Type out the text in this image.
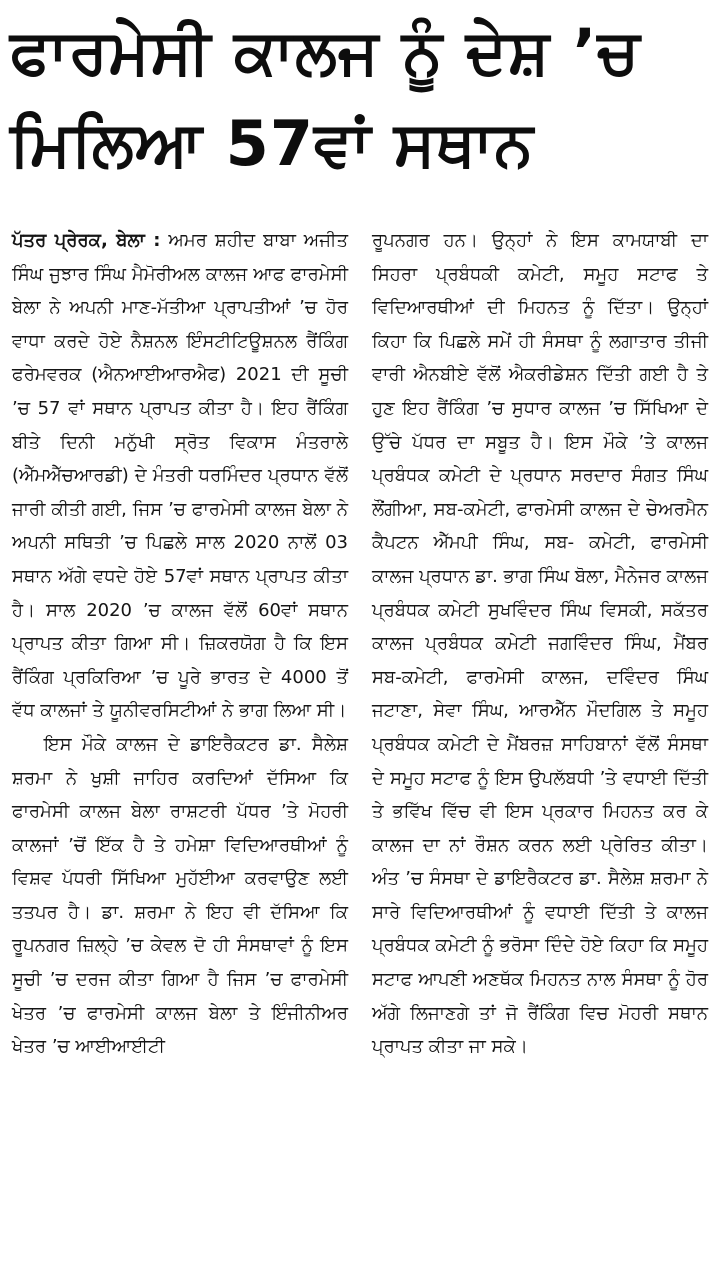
ਫਾਰਮੇਸੀ ਕਾਲਜ ਨੂੰ ਦੇਸ਼ ’ਚ
ਮਿਲਿਆ 57ਵਾਂ ਸਥਾਨ

ਪੱਤਰ ਪ੍ਰੇਰਕ, ਬੇਲਾ : ਅਮਰ ਸ਼ਹੀਦ ਬਾਬਾ ਅਜੀਤ ਸਿੰਘ ਜੁਝਾਰ ਸਿੰਘ ਮੈਮੋਰੀਅਲ ਕਾਲਜ ਆਫ ਫਾਰਮੇਸੀ ਬੇਲਾ ਨੇ ਅਪਨੀ ਮਾਣ-ਮੱਤੀਆ ਪ੍ਰਾਪਤੀਆਂ ’ਚ ਹੋਰ ਵਾਧਾ ਕਰਦੇ ਹੋਏ ਨੈਸ਼ਨਲ ਇੰਸਟੀਟਿਊਸ਼ਨਲ ਰੈਂਕਿੰਗ ਫਰੇਮਵਰਕ (ਐਨਆਈਆਰਐਫ) 2021 ਦੀ ਸੂਚੀ ’ਚ 57 ਵਾਂ ਸਥਾਨ ਪ੍ਰਾਪਤ ਕੀਤਾ ਹੈ। ਇਹ ਰੈਂਕਿੰਗ ਬੀਤੇ ਦਿਨੀ ਮਨੁੱਖੀ ਸ੍ਰੋਤ ਵਿਕਾਸ ਮੰਤਰਾਲੇ (ਐੱਮਐੱਚਆਰਡੀ) ਦੇ ਮੰਤਰੀ ਧਰਮਿੰਦਰ ਪ੍ਰਧਾਨ ਵੱਲੋਂ ਜਾਰੀ ਕੀਤੀ ਗਈ, ਜਿਸ ’ਚ ਫਾਰਮੇਸੀ ਕਾਲਜ ਬੇਲਾ ਨੇ ਅਪਨੀ ਸਥਿਤੀ ’ਚ ਪਿਛਲੇ ਸਾਲ 2020 ਨਾਲੋਂ 03 ਸਥਾਨ ਅੱਗੇ ਵਧਦੇ ਹੋਏ 57ਵਾਂ ਸਥਾਨ ਪ੍ਰਾਪਤ ਕੀਤਾ ਹੈ। ਸਾਲ 2020 ’ਚ ਕਾਲਜ ਵੱਲੋਂ 60ਵਾਂ ਸਥਾਨ ਪ੍ਰਾਪਤ ਕੀਤਾ ਗਿਆ ਸੀ। ਜ਼ਿਕਰਯੋਗ ਹੈ ਕਿ ਇਸ ਰੈਂਕਿੰਗ ਪ੍ਰਕਿਰਿਆ ’ਚ ਪੂਰੇ ਭਾਰਤ ਦੇ 4000 ਤੋਂ ਵੱਧ ਕਾਲਜਾਂ ਤੇ ਯੂਨੀਵਰਸਿਟੀਆਂ ਨੇ ਭਾਗ ਲਿਆ ਸੀ।

ਇਸ ਮੌਕੇ ਕਾਲਜ ਦੇ ਡਾਇਰੈਕਟਰ ਡਾ. ਸੈਲੇਸ਼ ਸ਼ਰਮਾ ਨੇ ਖੁਸ਼ੀ ਜਾਹਿਰ ਕਰਦਿਆਂ ਦੱਸਿਆ ਕਿ ਫਾਰਮੇਸੀ ਕਾਲਜ ਬੇਲਾ ਰਾਸ਼ਟਰੀ ਪੱਧਰ ’ਤੇ ਮੋਹਰੀ ਕਾਲਜਾਂ ’ਚੋਂ ਇੱਕ ਹੈ ਤੇ ਹਮੇਸ਼ਾ ਵਿਦਿਆਰਥੀਆਂ ਨੂੰ ਵਿਸ਼ਵ ਪੱਧਰੀ ਸਿੱਖਿਆ ਮੁਹੱਈਆ ਕਰਵਾਉਣ ਲਈ ਤਤਪਰ ਹੈ। ਡਾ. ਸ਼ਰਮਾ ਨੇ ਇਹ ਵੀ ਦੱਸਿਆ ਕਿ ਰੂਪਨਗਰ ਜ਼ਿਲ੍ਹੇ ’ਚ ਕੇਵਲ ਦੋ ਹੀ ਸੰਸਥਾਵਾਂ ਨੂੰ ਇਸ ਸੂਚੀ ’ਚ ਦਰਜ ਕੀਤਾ ਗਿਆ ਹੈ ਜਿਸ ’ਚ ਫਾਰਮੇਸੀ ਖੇਤਰ ’ਚ ਫਾਰਮੇਸੀ ਕਾਲਜ ਬੇਲਾ ਤੇ ਇੰਜੀਨੀਅਰ ਖੇਤਰ ’ਚ ਆਈਆਈਟੀ

ਰੂਪਨਗਰ ਹਨ। ਉਨ੍ਹਾਂ ਨੇ ਇਸ ਕਾਮਯਾਬੀ ਦਾ ਸਿਹਰਾ ਪ੍ਰਬੰਧਕੀ ਕਮੇਟੀ, ਸਮੂਹ ਸਟਾਫ ਤੇ ਵਿਦਿਆਰਥੀਆਂ ਦੀ ਮਿਹਨਤ ਨੂੰ ਦਿੱਤਾ। ਉਨ੍ਹਾਂ ਕਿਹਾ ਕਿ ਪਿਛਲੇ ਸਮੇਂ ਹੀ ਸੰਸਥਾ ਨੂੰ ਲਗਾਤਾਰ ਤੀਜੀ ਵਾਰੀ ਐਨਬੀਏ ਵੱਲੋਂ ਐਕਰੀਡੇਸ਼ਨ ਦਿੱਤੀ ਗਈ ਹੈ ਤੇ ਹੁਣ ਇਹ ਰੈਂਕਿੰਗ ’ਚ ਸੁਧਾਰ ਕਾਲਜ ’ਚ ਸਿੱਖਿਆ ਦੇ ਉੱਚੇ ਪੱਧਰ ਦਾ ਸਬੂਤ ਹੈ। ਇਸ ਮੌਕੇ ’ਤੇ ਕਾਲਜ ਪ੍ਰਬੰਧਕ ਕਮੇਟੀ ਦੇ ਪ੍ਰਧਾਨ ਸਰਦਾਰ ਸੰਗਤ ਸਿੰਘ ਲੌਂਗੀਆ, ਸਬ-ਕਮੇਟੀ, ਫਾਰਮੇਸੀ ਕਾਲਜ ਦੇ ਚੇਅਰਮੈਨ ਕੈਪਟਨ ਐੱਮਪੀ ਸਿੰਘ, ਸਬ- ਕਮੇਟੀ, ਫਾਰਮੇਸੀ ਕਾਲਜ ਪ੍ਰਧਾਨ ਡਾ. ਭਾਗ ਸਿੰਘ ਬੋਲਾ, ਮੈਨੇਜਰ ਕਾਲਜ ਪ੍ਰਬੰਧਕ ਕਮੇਟੀ ਸੁਖਵਿੰਦਰ ਸਿੰਘ ਵਿਸਕੀ, ਸਕੱਤਰ ਕਾਲਜ ਪ੍ਰਬੰਧਕ ਕਮੇਟੀ ਜਗਵਿੰਦਰ ਸਿੰਘ, ਮੈਂਬਰ ਸਬ-ਕਮੇਟੀ, ਫਾਰਮੇਸੀ ਕਾਲਜ, ਦਵਿੰਦਰ ਸਿੰਘ ਜਟਾਣਾ, ਸੇਵਾ ਸਿੰਘ, ਆਰਐੱਨ ਮੌਦਗਿਲ ਤੇ ਸਮੂਹ ਪ੍ਰਬੰਧਕ ਕਮੇਟੀ ਦੇ ਮੈਂਬਰਜ਼ ਸਾਹਿਬਾਨਾਂ ਵੱਲੋਂ ਸੰਸਥਾ ਦੇ ਸਮੂਹ ਸਟਾਫ ਨੂੰ ਇਸ ਉਪਲੱਬਧੀ ’ਤੇ ਵਧਾਈ ਦਿੱਤੀ ਤੇ ਭਵਿੱਖ ਵਿੱਚ ਵੀ ਇਸ ਪ੍ਰਕਾਰ ਮਿਹਨਤ ਕਰ ਕੇ ਕਾਲਜ ਦਾ ਨਾਂ ਰੌਸ਼ਨ ਕਰਨ ਲਈ ਪ੍ਰੇਰਿਤ ਕੀਤਾ। ਅੰਤ ’ਚ ਸੰਸਥਾ ਦੇ ਡਾਇਰੈਕਟਰ ਡਾ. ਸੈਲੇਸ਼ ਸ਼ਰਮਾ ਨੇ ਸਾਰੇ ਵਿਦਿਆਰਥੀਆਂ ਨੂੰ ਵਧਾਈ ਦਿੱਤੀ ਤੇ ਕਾਲਜ ਪ੍ਰਬੰਧਕ ਕਮੇਟੀ ਨੂੰ ਭਰੋਸਾ ਦਿੰਦੇ ਹੋਏ ਕਿਹਾ ਕਿ ਸਮੂਹ ਸਟਾਫ ਆਪਣੀ ਅਣਥੱਕ ਮਿਹਨਤ ਨਾਲ ਸੰਸਥਾ ਨੂੰ ਹੋਰ ਅੱਗੇ ਲਿਜਾਣਗੇ ਤਾਂ ਜੋ ਰੈਂਕਿੰਗ ਵਿਚ ਮੋਹਰੀ ਸਥਾਨ ਪ੍ਰਾਪਤ ਕੀਤਾ ਜਾ ਸਕੇ।
